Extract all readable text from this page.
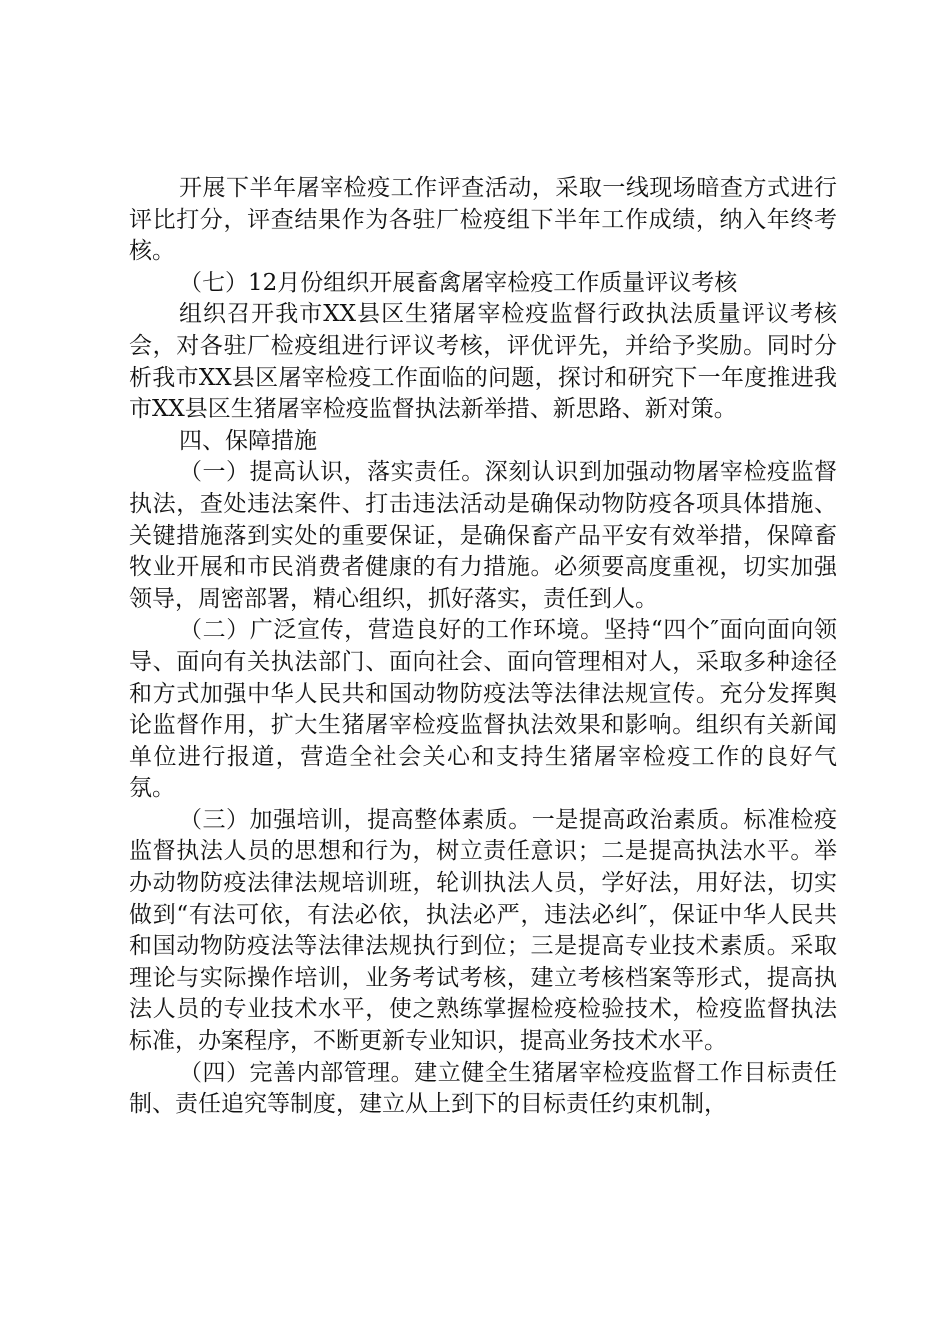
开展下半年屠宰检疫工作评查活动，采取一线现场暗查方式进行评比打分，评查结果作为各驻厂检疫组下半年工作成绩，纳入年终考核。

（七）12月份组织开展畜禽屠宰检疫工作质量评议考核

组织召开我市XX县区生猪屠宰检疫监督行政执法质量评议考核会，对各驻厂检疫组进行评议考核，评优评先，并给予奖励。同时分析我市XX县区屠宰检疫工作面临的问题，探讨和研究下一年度推进我市XX县区生猪屠宰检疫监督执法新举措、新思路、新对策。

四、保障措施

（一）提高认识，落实责任。深刻认识到加强动物屠宰检疫监督执法，查处违法案件、打击违法活动是确保动物防疫各项具体措施、关键措施落到实处的重要保证，是确保畜产品平安有效举措，保障畜牧业开展和市民消费者健康的有力措施。必须要高度重视，切实加强领导，周密部署，精心组织，抓好落实，责任到人。

（二）广泛宣传，营造良好的工作环境。坚持“四个″面向面向领导、面向有关执法部门、面向社会、面向管理相对人，采取多种途径和方式加强中华人民共和国动物防疫法等法律法规宣传。充分发挥舆论监督作用，扩大生猪屠宰检疫监督执法效果和影响。组织有关新闻单位进行报道，营造全社会关心和支持生猪屠宰检疫工作的良好气氛。

（三）加强培训，提高整体素质。一是提高政治素质。标准检疫监督执法人员的思想和行为，树立责任意识；二是提高执法水平。举办动物防疫法律法规培训班，轮训执法人员，学好法，用好法，切实做到“有法可依，有法必依，执法必严，违法必纠″，保证中华人民共和国动物防疫法等法律法规执行到位；三是提高专业技术素质。采取理论与实际操作培训，业务考试考核，建立考核档案等形式，提高执法人员的专业技术水平，使之熟练掌握检疫检验技术，检疫监督执法标准，办案程序，不断更新专业知识，提高业务技术水平。

（四）完善内部管理。建立健全生猪屠宰检疫监督工作目标责任制、责任追究等制度，建立从上到下的目标责任约束机制，
